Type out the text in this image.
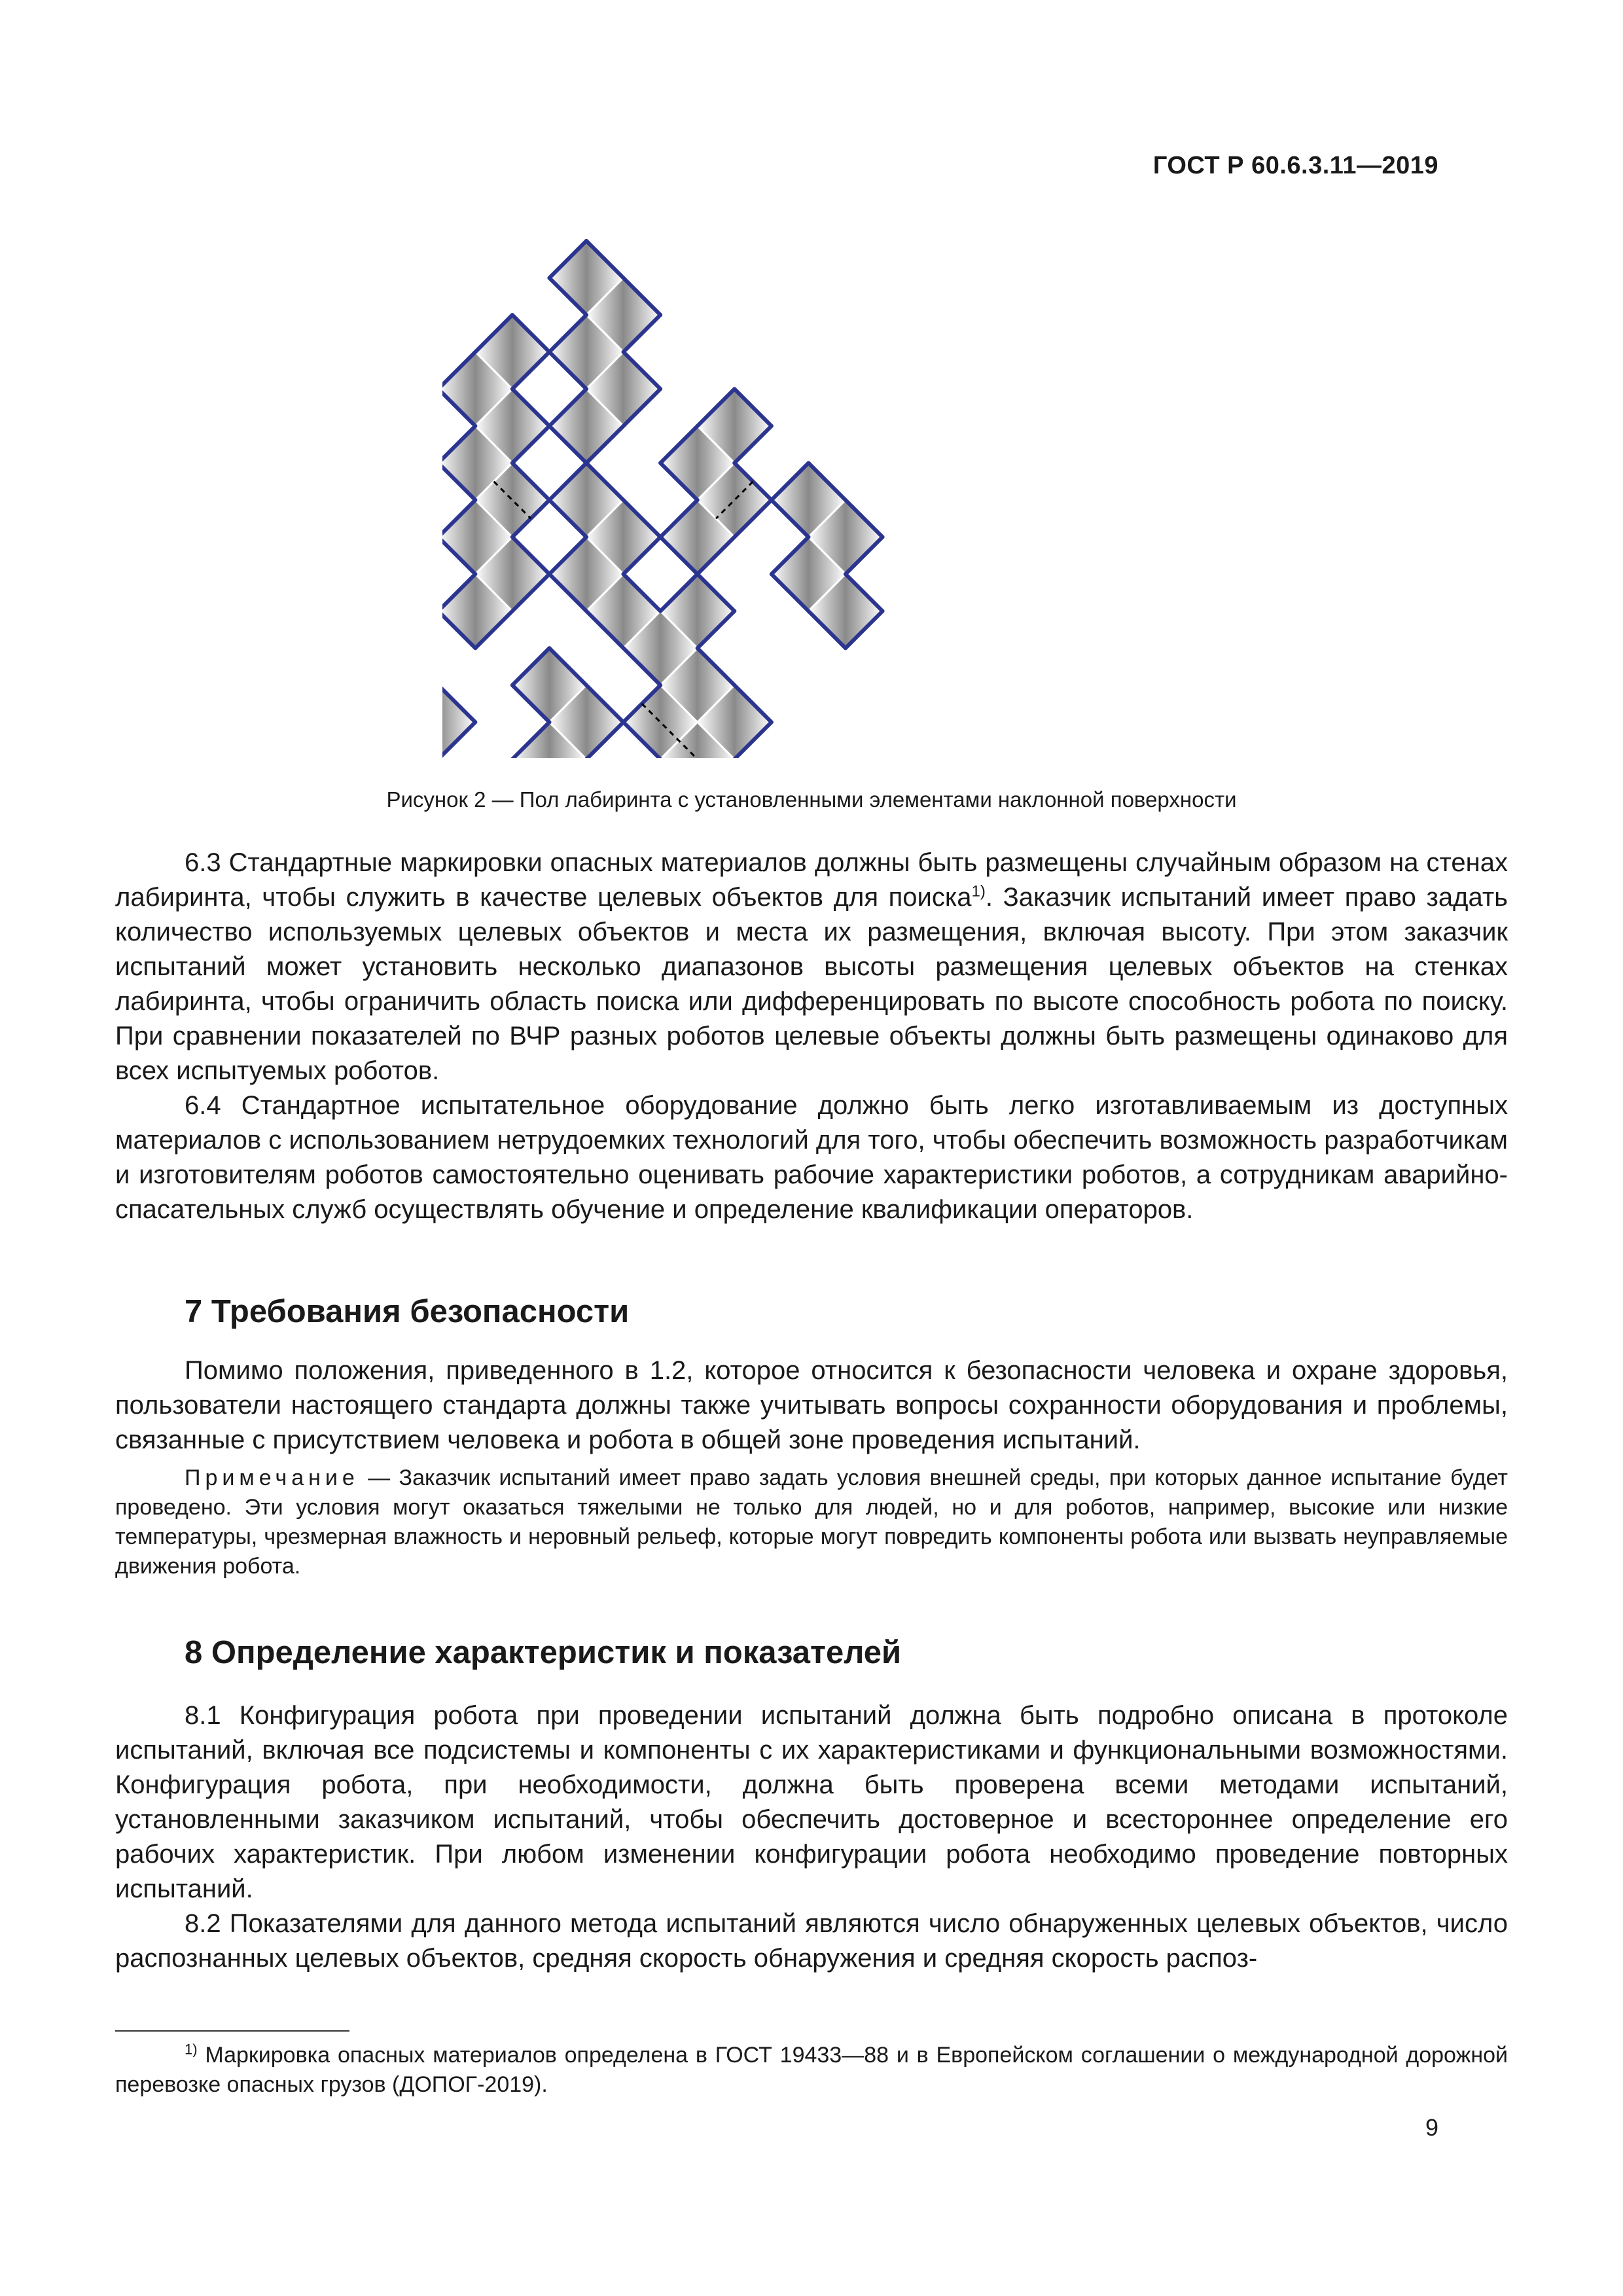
ГОСТ Р 60.6.3.11—2019
Рисунок 2 — Пол лабиринта с установленными элементами наклонной поверхности

6.3 Стандартные маркировки опасных материалов должны быть размещены случайным образом на стенах лабиринта, чтобы служить в качестве целевых объектов для поиска$^{1)}$. Заказчик испытаний имеет право задать количество используемых целевых объектов и места их размещения, включая высоту. При этом заказчик испытаний может установить несколько диапазонов высоты размещения целевых объектов на стенках лабиринта, чтобы ограничить область поиска или дифференцировать по высоте способность робота по поиску. При сравнении показателей по ВЧР разных роботов целевые объекты должны быть размещены одинаково для всех испытуемых роботов.

6.4 Стандартное испытательное оборудование должно быть легко изготавливаемым из доступных материалов с использованием нетрудоемких технологий для того, чтобы обеспечить возможность разработчикам и изготовителям роботов самостоятельно оценивать рабочие характеристики роботов, а сотрудникам аварийно-спасательных служб осуществлять обучение и определение квалификации операторов.

7 Требования безопасности

Помимо положения, приведенного в 1.2, которое относится к безопасности человека и охране здоровья, пользователи настоящего стандарта должны также учитывать вопросы сохранности оборудования и проблемы, связанные с присутствием человека и робота в общей зоне проведения испытаний.

Примечание — Заказчик испытаний имеет право задать условия внешней среды, при которых данное испытание будет проведено. Эти условия могут оказаться тяжелыми не только для людей, но и для роботов, например, высокие или низкие температуры, чрезмерная влажность и неровный рельеф, которые могут повредить компоненты робота или вызвать неуправляемые движения робота.
8 Определение характеристик и показателей

8.1 Конфигурация робота при проведении испытаний должна быть подробно описана в протоколе испытаний, включая все подсистемы и компоненты с их характеристиками и функциональными возможностями. Конфигурация робота, при необходимости, должна быть проверена всеми методами испытаний, установленными заказчиком испытаний, чтобы обеспечить достоверное и всестороннее определение его рабочих характеристик. При любом изменении конфигурации робота необходимо проведение повторных испытаний.

8.2 Показателями для данного метода испытаний являются число обнаруженных целевых объектов, число распознанных целевых объектов, средняя скорость обнаружения и средняя скорость распоз-

$^{1)}$ Маркировка опасных материалов определена в ГОСТ 19433—88 и в Европейском соглашении о международной дорожной перевозке опасных грузов (ДОПОГ-2019).
9
